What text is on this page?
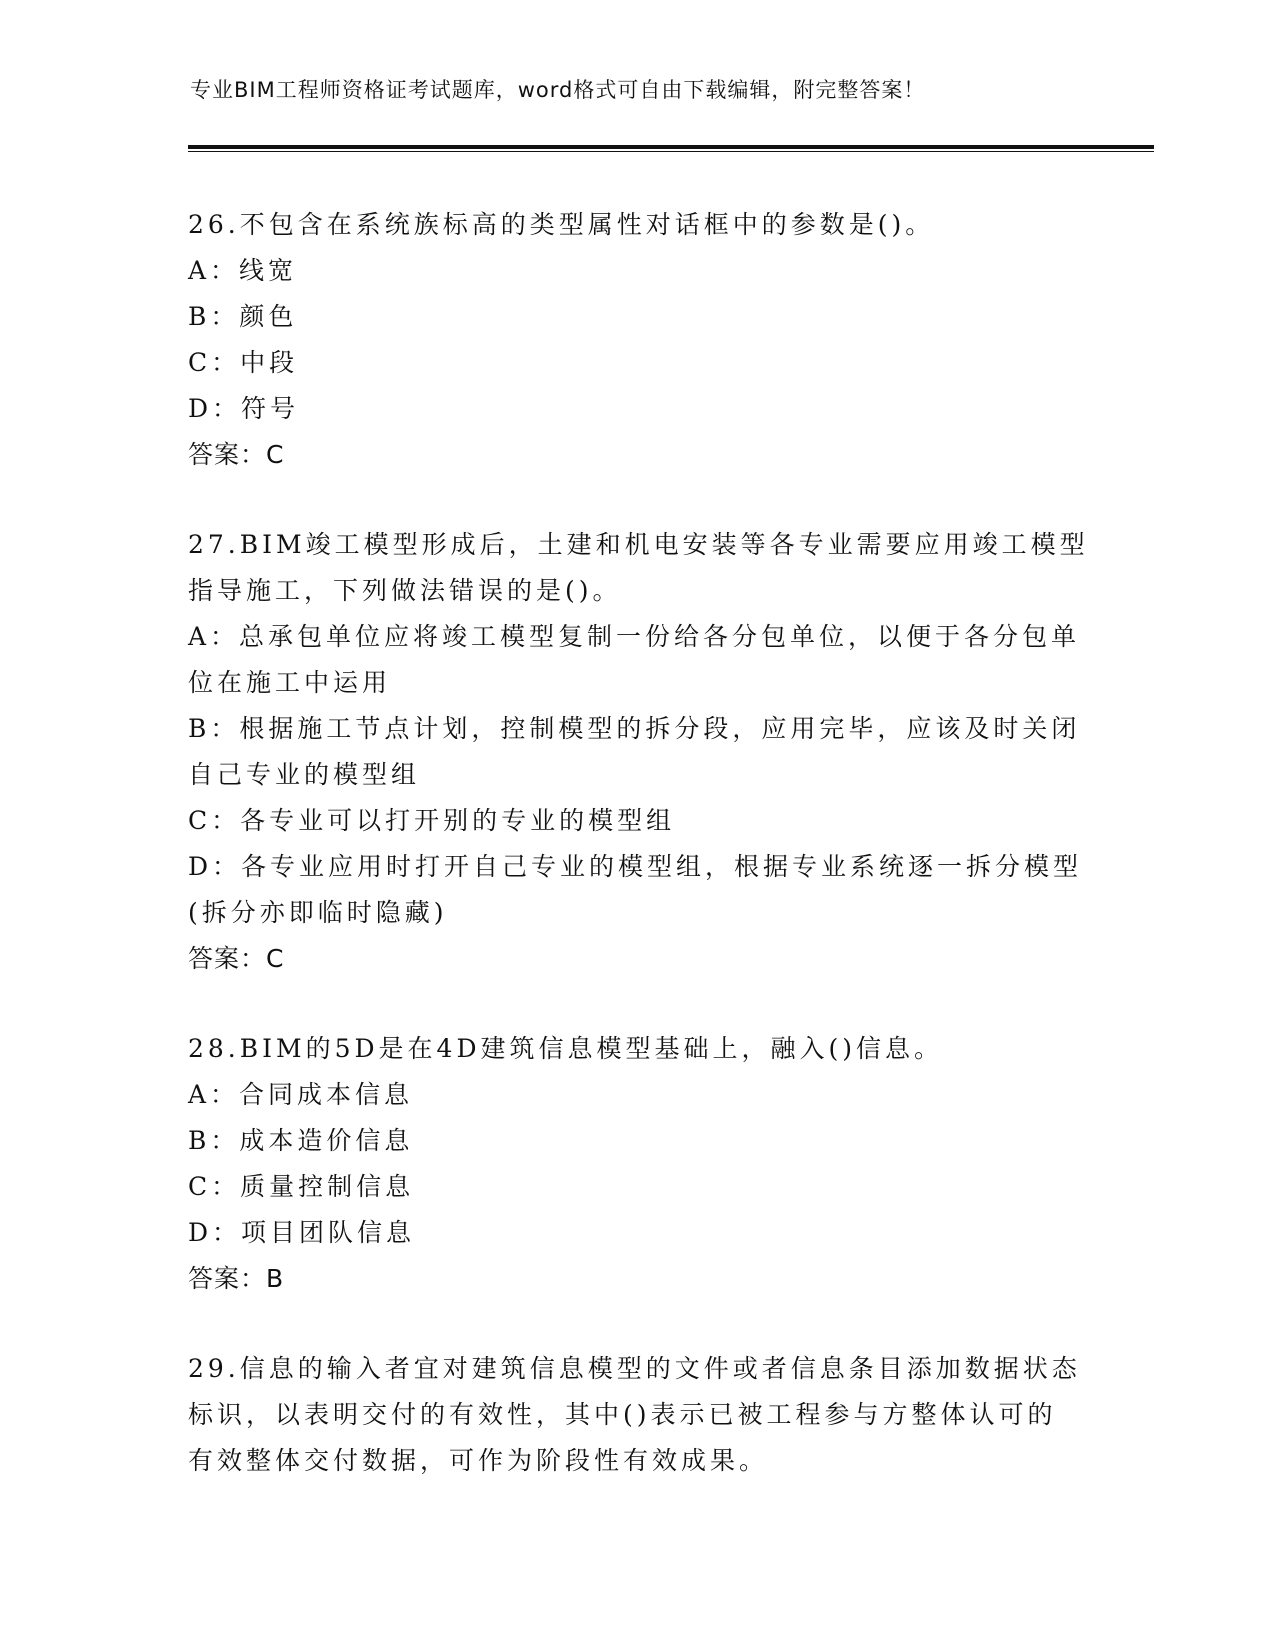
专业BIM工程师资格证考试题库，word格式可自由下载编辑，附完整答案！
26.不包含在系统族标高的类型属性对话框中的参数是()。
A：线宽
B：颜色
C：中段
D：符号
答案：C
27.BIM竣工模型形成后，土建和机电安装等各专业需要应用竣工模型
指导施工，下列做法错误的是()。
A：总承包单位应将竣工模型复制一份给各分包单位，以便于各分包单
位在施工中运用
B：根据施工节点计划，控制模型的拆分段，应用完毕，应该及时关闭
自己专业的模型组
C：各专业可以打开别的专业的模型组
D：各专业应用时打开自己专业的模型组，根据专业系统逐一拆分模型
(拆分亦即临时隐藏)
答案：C
28.BIM的5D是在4D建筑信息模型基础上，融入()信息。
A：合同成本信息
B：成本造价信息
C：质量控制信息
D：项目团队信息
答案：B
29.信息的输入者宜对建筑信息模型的文件或者信息条目添加数据状态
标识，以表明交付的有效性，其中()表示已被工程参与方整体认可的
有效整体交付数据，可作为阶段性有效成果。
